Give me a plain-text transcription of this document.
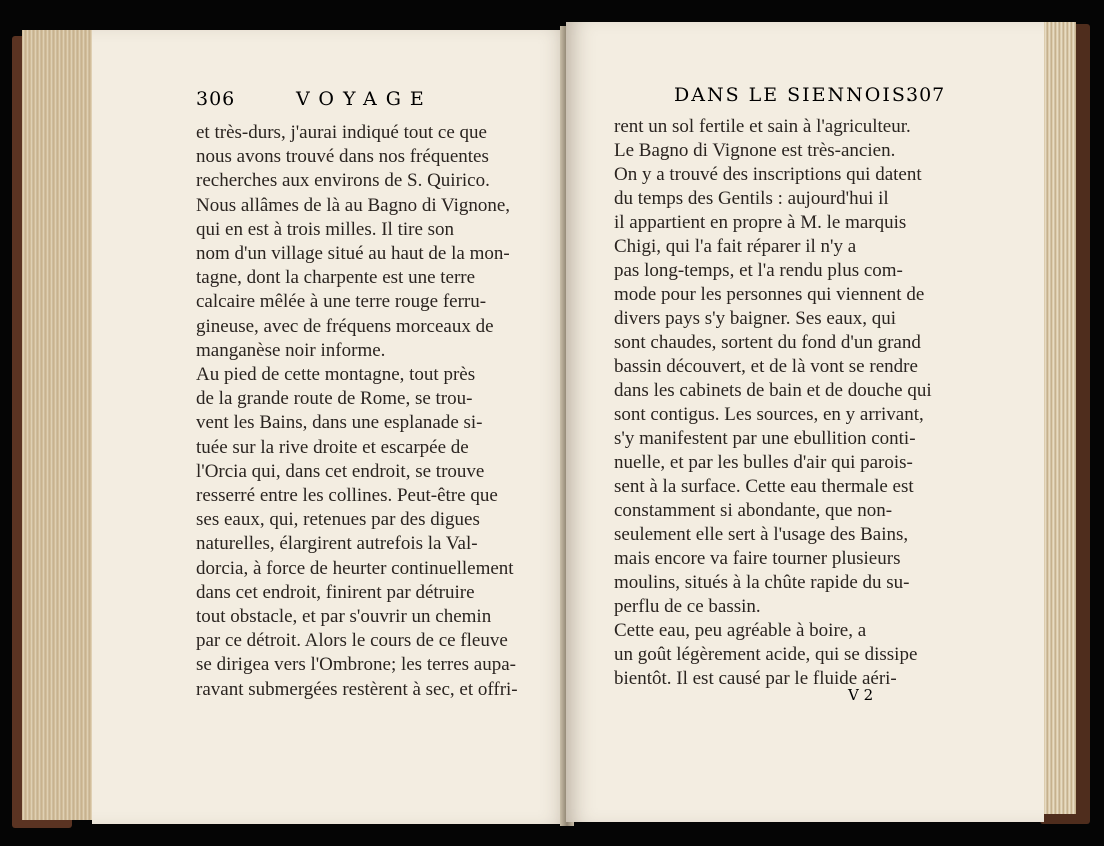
306	VOYAGE
et très-durs, j'aurai indiqué tout ce que
nous avons trouvé dans nos fréquentes
recherches aux environs de S. Quirico.
Nous allâmes de là au Bagno di Vignone,
qui en est à trois milles. Il tire son
nom d'un village situé au haut de la mon-
tagne, dont la charpente est une terre
calcaire mêlée à une terre rouge ferru-
gineuse, avec de fréquens morceaux de
manganèse noir informe.
Au pied de cette montagne, tout près
de la grande route de Rome, se trou-
vent les Bains, dans une esplanade si-
tuée sur la rive droite et escarpée de
l'Orcia qui, dans cet endroit, se trouve
resserré entre les collines. Peut-être que
ses eaux, qui, retenues par des digues
naturelles, élargirent autrefois la Val-
dorcia, à force de heurter continuellement
dans cet endroit, finirent par détruire
tout obstacle, et par s'ouvrir un chemin
par ce détroit. Alors le cours de ce fleuve
se dirigea vers l'Ombrone; les terres aupa-
ravant submergées restèrent à sec, et offri-
DANS LE SIENNOIS.
307
rent un sol fertile et sain à l'agriculteur.
Le Bagno di Vignone est très-ancien.
On y a trouvé des inscriptions qui datent
du temps des Gentils : aujourd'hui il
il appartient en propre à M. le marquis
Chigi, qui l'a fait réparer il n'y a
pas long-temps, et l'a rendu plus com-
mode pour les personnes qui viennent de
divers pays s'y baigner. Ses eaux, qui
sont chaudes, sortent du fond d'un grand
bassin découvert, et de là vont se rendre
dans les cabinets de bain et de douche qui
sont contigus. Les sources, en y arrivant,
s'y manifestent par une ebullition conti-
nuelle, et par les bulles d'air qui parois-
sent à la surface. Cette eau thermale est
constamment si abondante, que non-
seulement elle sert à l'usage des Bains,
mais encore va faire tourner plusieurs
moulins, situés à la chûte rapide du su-
perflu de ce bassin.
Cette eau, peu agréable à boire, a
un goût légèrement acide, qui se dissipe
bientôt. Il est causé par le fluide aéri-
V 2
